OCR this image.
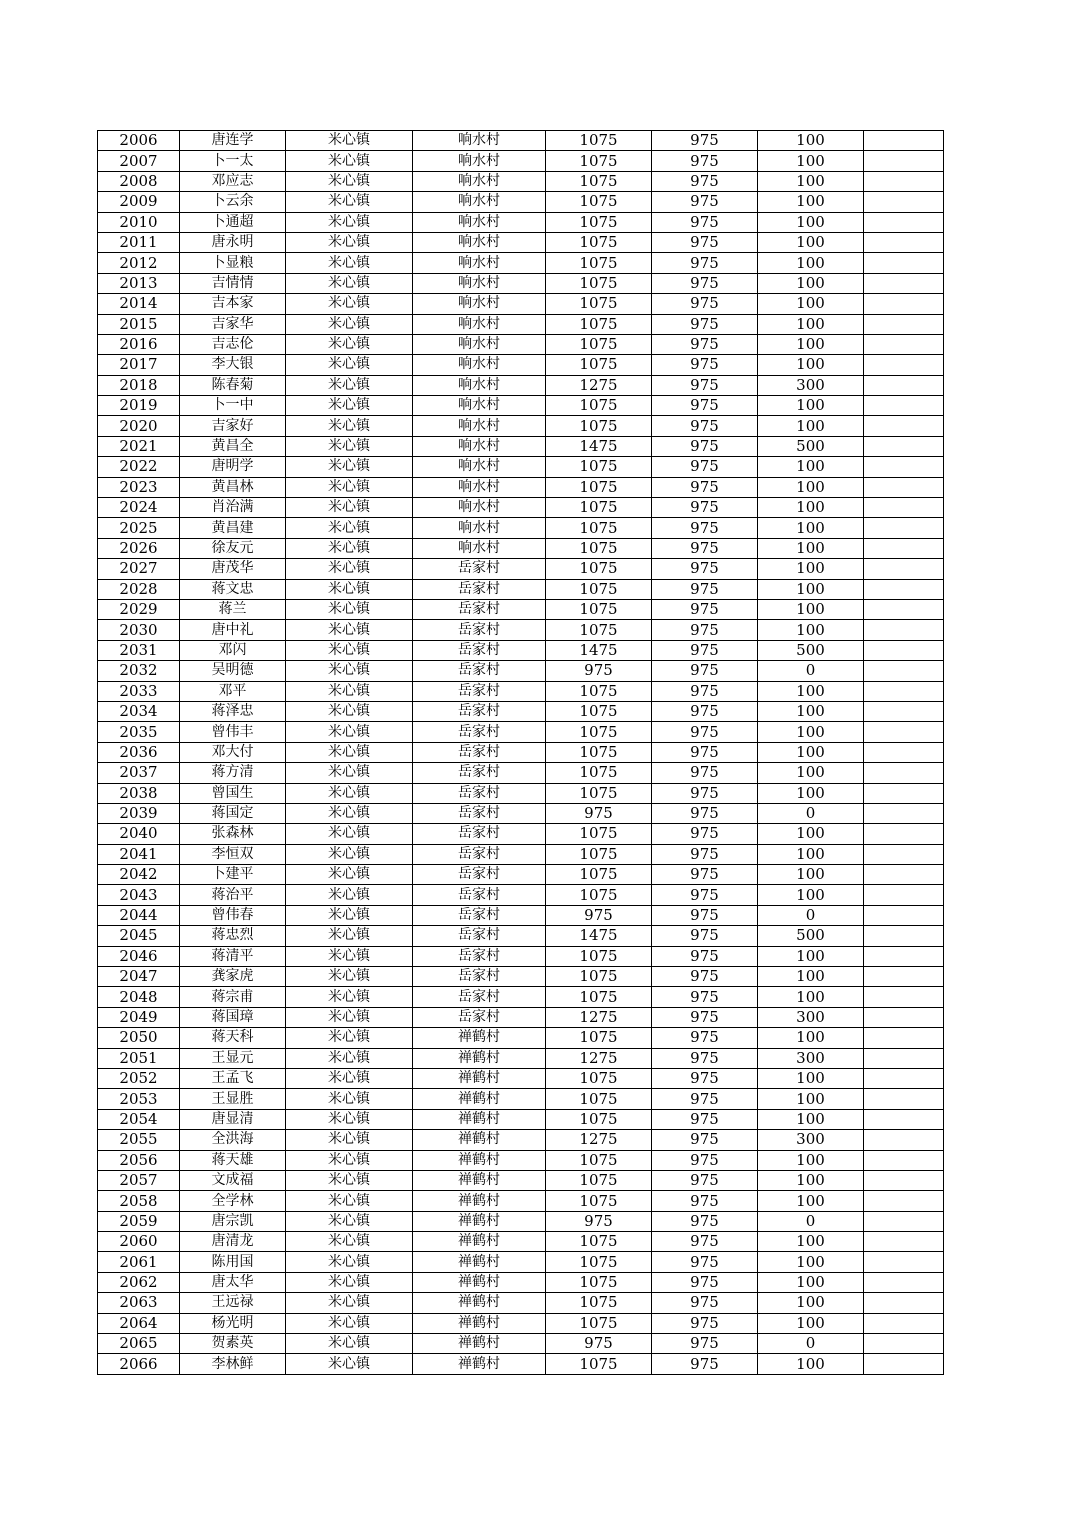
2006	唐连学	米心镇	响水村	1075	975	100	
2007	卜一太	米心镇	响水村	1075	975	100	
2008	邓应志	米心镇	响水村	1075	975	100	
2009	卜云余	米心镇	响水村	1075	975	100	
2010	卜通超	米心镇	响水村	1075	975	100	
2011	唐永明	米心镇	响水村	1075	975	100	
2012	卜显粮	米心镇	响水村	1075	975	100	
2013	吉情情	米心镇	响水村	1075	975	100	
2014	吉本家	米心镇	响水村	1075	975	100	
2015	吉家华	米心镇	响水村	1075	975	100	
2016	吉志伦	米心镇	响水村	1075	975	100	
2017	李大银	米心镇	响水村	1075	975	100	
2018	陈春菊	米心镇	响水村	1275	975	300	
2019	卜一中	米心镇	响水村	1075	975	100	
2020	吉家好	米心镇	响水村	1075	975	100	
2021	黄昌全	米心镇	响水村	1475	975	500	
2022	唐明学	米心镇	响水村	1075	975	100	
2023	黄昌林	米心镇	响水村	1075	975	100	
2024	肖治满	米心镇	响水村	1075	975	100	
2025	黄昌建	米心镇	响水村	1075	975	100	
2026	徐友元	米心镇	响水村	1075	975	100	
2027	唐茂华	米心镇	岳家村	1075	975	100	
2028	蒋文忠	米心镇	岳家村	1075	975	100	
2029	蒋兰	米心镇	岳家村	1075	975	100	
2030	唐中礼	米心镇	岳家村	1075	975	100	
2031	邓闪	米心镇	岳家村	1475	975	500	
2032	吴明德	米心镇	岳家村	975	975	0	
2033	邓平	米心镇	岳家村	1075	975	100	
2034	蒋泽忠	米心镇	岳家村	1075	975	100	
2035	曾伟丰	米心镇	岳家村	1075	975	100	
2036	邓大付	米心镇	岳家村	1075	975	100	
2037	蒋方清	米心镇	岳家村	1075	975	100	
2038	曾国生	米心镇	岳家村	1075	975	100	
2039	蒋国定	米心镇	岳家村	975	975	0	
2040	张森林	米心镇	岳家村	1075	975	100	
2041	李恒双	米心镇	岳家村	1075	975	100	
2042	卜建平	米心镇	岳家村	1075	975	100	
2043	蒋治平	米心镇	岳家村	1075	975	100	
2044	曾伟春	米心镇	岳家村	975	975	0	
2045	蒋忠烈	米心镇	岳家村	1475	975	500	
2046	蒋清平	米心镇	岳家村	1075	975	100	
2047	龚家虎	米心镇	岳家村	1075	975	100	
2048	蒋宗甫	米心镇	岳家村	1075	975	100	
2049	蒋国璋	米心镇	岳家村	1275	975	300	
2050	蒋天科	米心镇	禅鹤村	1075	975	100	
2051	王显元	米心镇	禅鹤村	1275	975	300	
2052	王孟飞	米心镇	禅鹤村	1075	975	100	
2053	王显胜	米心镇	禅鹤村	1075	975	100	
2054	唐显清	米心镇	禅鹤村	1075	975	100	
2055	全洪海	米心镇	禅鹤村	1275	975	300	
2056	蒋天雄	米心镇	禅鹤村	1075	975	100	
2057	文成福	米心镇	禅鹤村	1075	975	100	
2058	全学林	米心镇	禅鹤村	1075	975	100	
2059	唐宗凯	米心镇	禅鹤村	975	975	0	
2060	唐清龙	米心镇	禅鹤村	1075	975	100	
2061	陈用国	米心镇	禅鹤村	1075	975	100	
2062	唐太华	米心镇	禅鹤村	1075	975	100	
2063	王远禄	米心镇	禅鹤村	1075	975	100	
2064	杨光明	米心镇	禅鹤村	1075	975	100	
2065	贺素英	米心镇	禅鹤村	975	975	0	
2066	李林鲜	米心镇	禅鹤村	1075	975	100	
